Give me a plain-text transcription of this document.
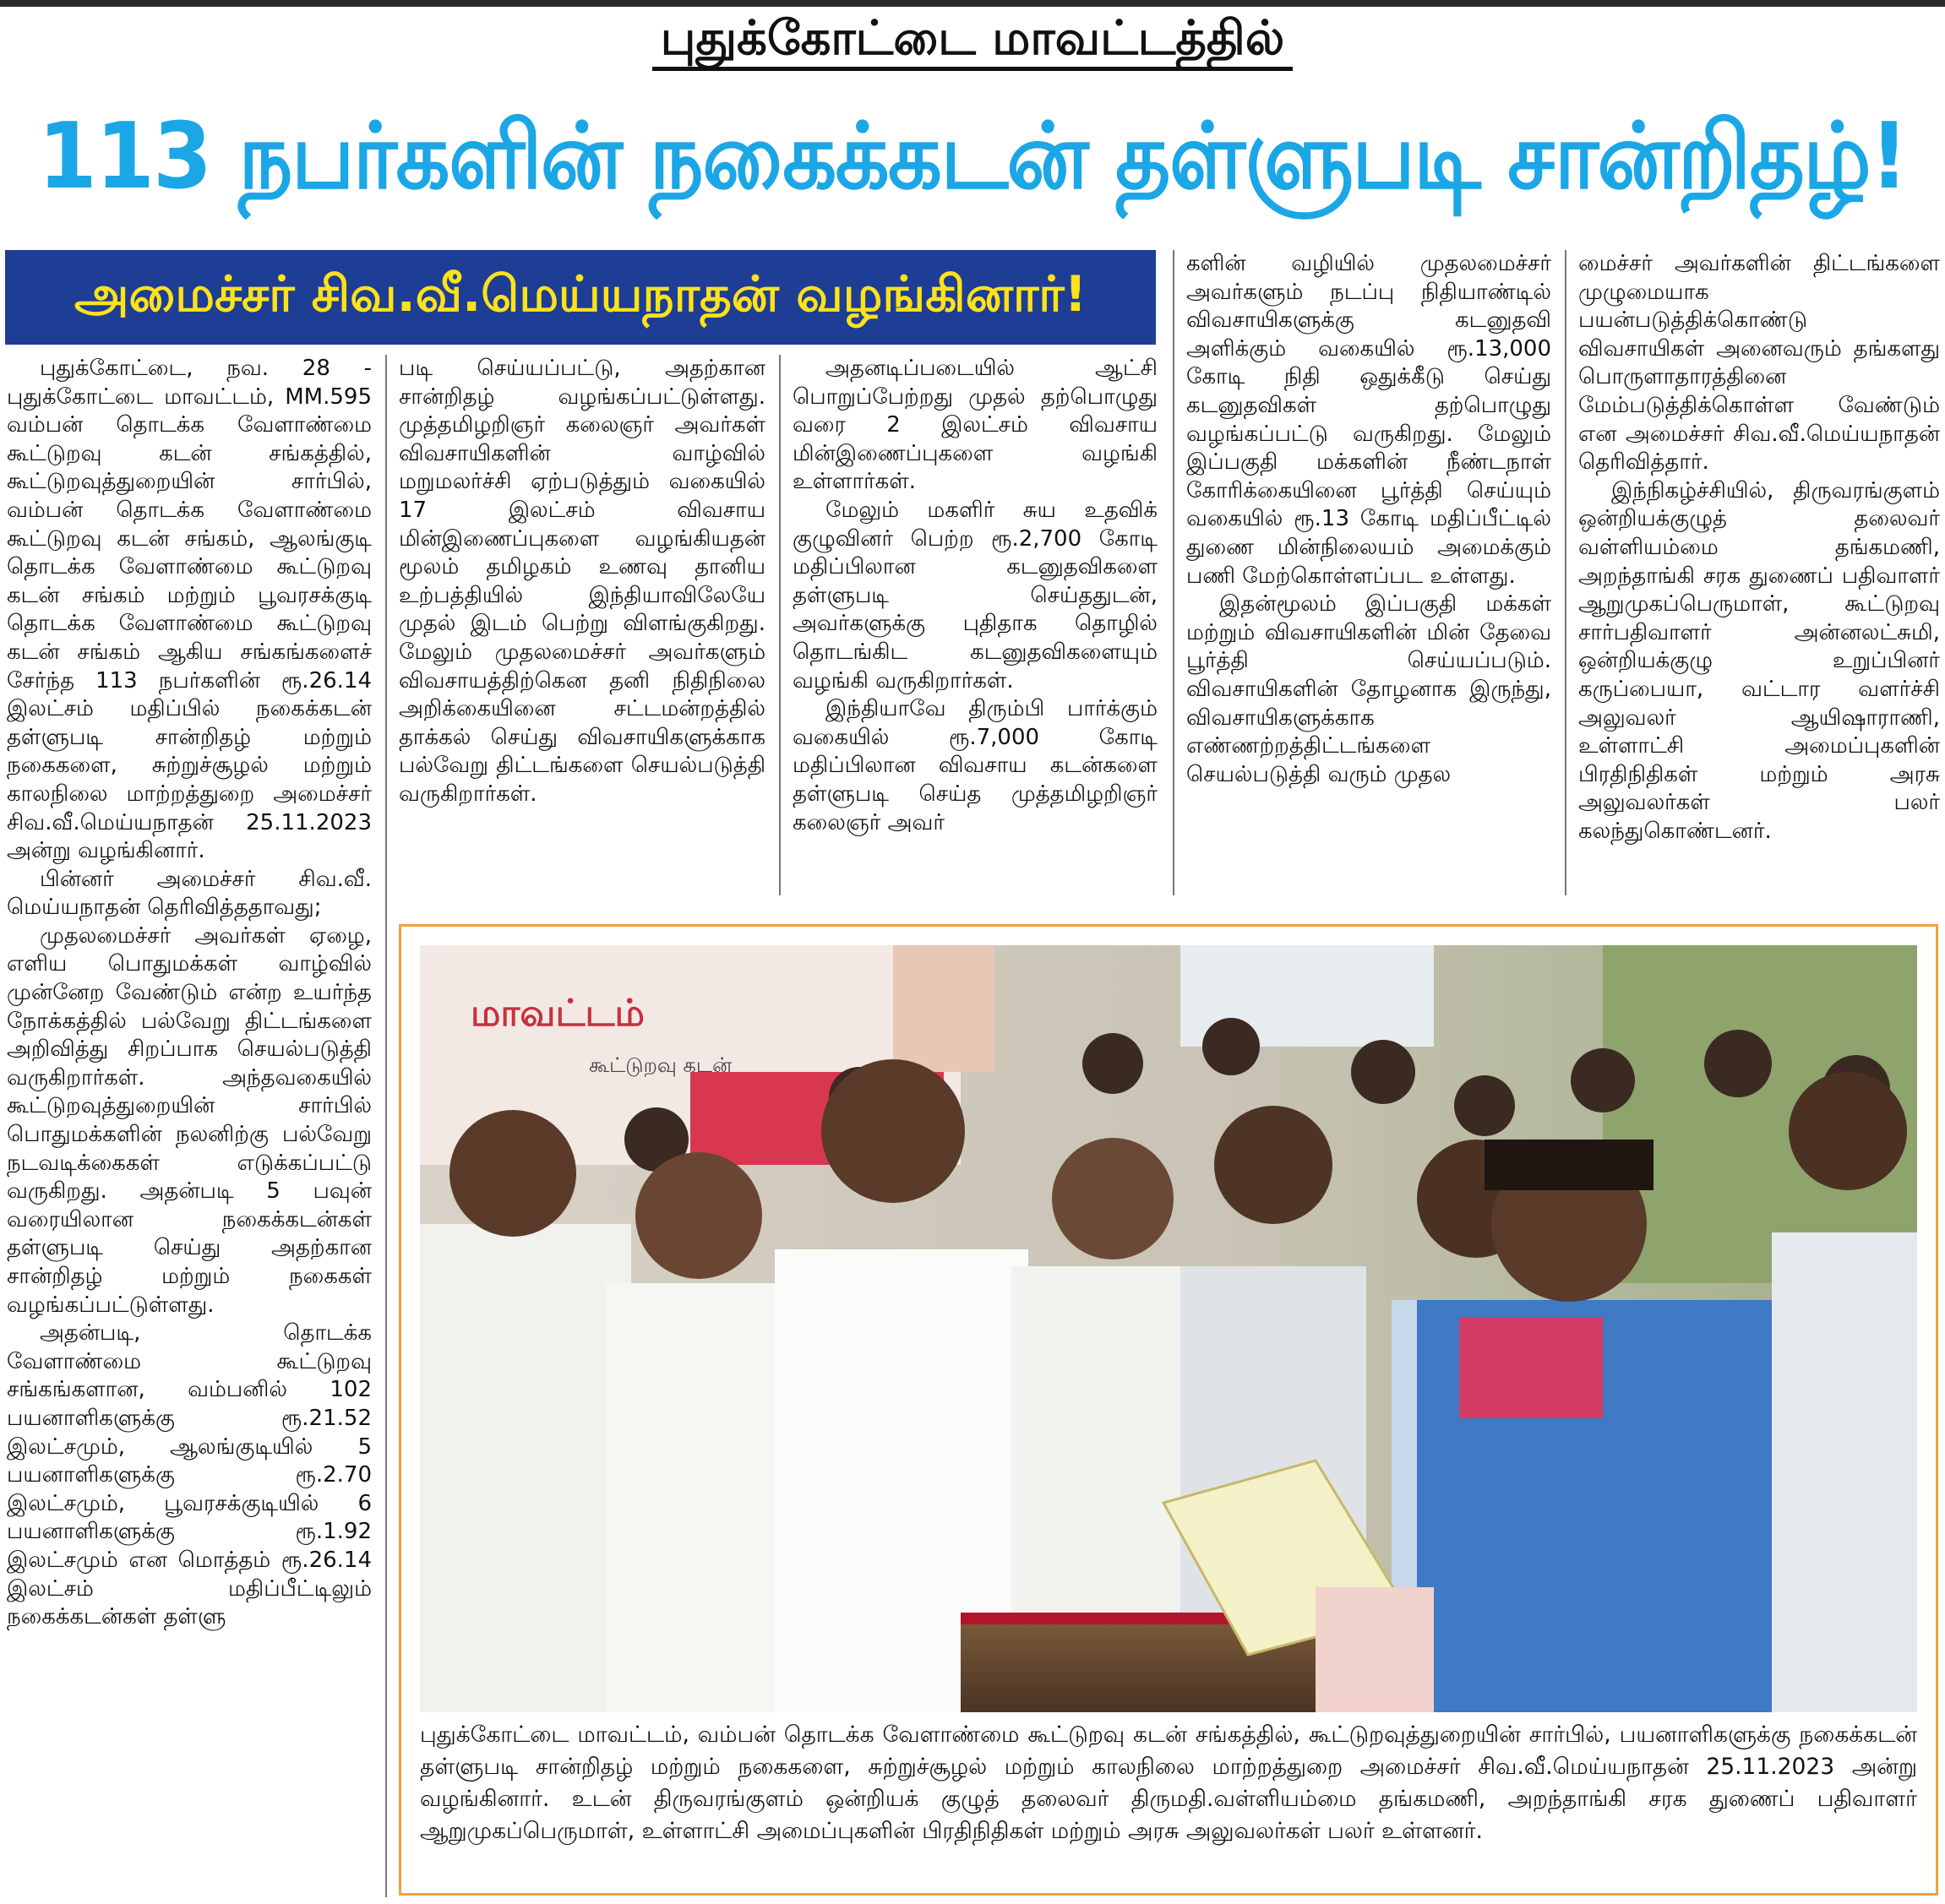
புதுக்கோட்டை மாவட்டத்தில்
113 நபர்களின் நகைக்கடன் தள்ளுபடி சான்றிதழ்!
அமைச்சர் சிவ.வீ.மெய்யநாதன் வழங்கினார்!

புதுக்கோட்டை, நவ. 28 - புதுக்கோட்டை மாவட்டம், MM.595 வம்பன் தொடக்க வேளாண்மை கூட்டுறவு கடன் சங்கத்தில், கூட்டுறவுத்துறையின் சார்பில், வம்பன் தொடக்க வேளாண்மை கூட்டுறவு கடன் சங்கம், ஆலங்குடி தொடக்க வேளாண்மை கூட்டுறவு கடன் சங்கம் மற்றும் பூவரசக்குடி தொடக்க வேளாண்மை கூட்டுறவு கடன் சங்கம் ஆகிய சங்கங்களைச் சேர்ந்த 113 நபர்களின் ரூ.26.14 இலட்சம் மதிப்பில் நகைக்கடன் தள்ளுபடி சான்றிதழ் மற்றும் நகைகளை, சுற்றுச்சூழல் மற்றும் காலநிலை மாற்றத்துறை அமைச்சர் சிவ.வீ.மெய்யநாதன் 25.11.2023 அன்று வழங்கினார்.

பின்னர் அமைச்சர் சிவ.வீ. மெய்யநாதன் தெரிவித்ததாவது;

முதலமைச்சர் அவர்கள் ஏழை, எளிய பொதுமக்கள் வாழ்வில் முன்னேற வேண்டும் என்ற உயர்ந்த நோக்கத்தில் பல்வேறு திட்டங்களை அறிவித்து சிறப்பாக செயல்படுத்தி வருகிறார்கள். அந்தவகையில் கூட்டுறவுத்துறையின் சார்பில் பொதுமக்களின் நலனிற்கு பல்வேறு நடவடிக்கைகள் எடுக்கப்பட்டு வருகிறது. அதன்படி 5 பவுன் வரையிலான நகைக்கடன்கள் தள்ளுபடி செய்து அதற்கான சான்றிதழ் மற்றும் நகைகள் வழங்கப்பட்டுள்ளது.

அதன்படி, தொடக்க வேளாண்மை கூட்டுறவு சங்கங்களான, வம்பனில் 102 பயனாளிகளுக்கு ரூ.21.52 இலட்சமும், ஆலங்குடியில் 5 பயனாளிகளுக்கு ரூ.2.70 இலட்சமும், பூவரசக்குடியில் 6 பயனாளிகளுக்கு ரூ.1.92 இலட்சமும் என மொத்தம் ரூ.26.14 இலட்சம் மதிப்பீட்டிலும் நகைக்கடன்கள் தள்ளு

படி செய்யப்பட்டு, அதற்கான சான்றிதழ் வழங்கப்பட்டுள்ளது. முத்தமிழறிஞர் கலைஞர் அவர்கள் விவசாயிகளின் வாழ்வில் மறுமலர்ச்சி ஏற்படுத்தும் வகையில் 17 இலட்சம் விவசாய மின்இணைப்புகளை வழங்கியதன் மூலம் தமிழகம் உணவு தானிய உற்பத்தியில் இந்தியாவிலேயே முதல் இடம் பெற்று விளங்குகிறது. மேலும் முதலமைச்சர் அவர்களும் விவசாயத்திற்கென தனி நிதிநிலை அறிக்கையினை சட்டமன்றத்தில் தாக்கல் செய்து விவசாயிகளுக்காக பல்வேறு திட்டங்களை செயல்படுத்தி வருகிறார்கள்.

அதனடிப்படையில் ஆட்சி பொறுப்பேற்றது முதல் தற்பொழுது வரை 2 இலட்சம் விவசாய மின்இணைப்புகளை வழங்கி உள்ளார்கள்.

மேலும் மகளிர் சுய உதவிக் குழுவினர் பெற்ற ரூ.2,700 கோடி மதிப்பிலான கடனுதவிகளை தள்ளுபடி செய்ததுடன், அவர்களுக்கு புதிதாக தொழில் தொடங்கிட கடனுதவிகளையும் வழங்கி வருகிறார்கள்.

இந்தியாவே திரும்பி பார்க்கும் வகையில் ரூ.7,000 கோடி மதிப்பிலான விவசாய கடன்களை தள்ளுபடி செய்த முத்தமிழறிஞர் கலைஞர் அவர்

களின் வழியில் முதலமைச்சர் அவர்களும் நடப்பு நிதியாண்டில் விவசாயிகளுக்கு கடனுதவி அளிக்கும் வகையில் ரூ.13,000 கோடி நிதி ஒதுக்கீடு செய்து கடனுதவிகள் தற்பொழுது வழங்கப்பட்டு வருகிறது. மேலும் இப்பகுதி மக்களின் நீண்டநாள் கோரிக்கையினை பூர்த்தி செய்யும் வகையில் ரூ.13 கோடி மதிப்பீட்டில் துணை மின்நிலையம் அமைக்கும் பணி மேற்கொள்ளப்பட உள்ளது.

இதன்மூலம் இப்பகுதி மக்கள் மற்றும் விவசாயிகளின் மின் தேவை பூர்த்தி செய்யப்படும். விவசாயிகளின் தோழனாக இருந்து, விவசாயிகளுக்காக எண்ணற்றத்திட்டங்களை செயல்படுத்தி வரும் முதல

மைச்சர் அவர்களின் திட்டங்களை முழுமையாக பயன்படுத்திக்கொண்டு விவசாயிகள் அனைவரும் தங்களது பொருளாதாரத்தினை மேம்படுத்திக்கொள்ள வேண்டும் என அமைச்சர் சிவ.வீ.மெய்யநாதன் தெரிவித்தார்.

இந்நிகழ்ச்சியில், திருவரங்குளம் ஒன்றியக்குழுத் தலைவர் வள்ளியம்மை தங்கமணி, அறந்தாங்கி சரக துணைப் பதிவாளர் ஆறுமுகப்பெருமாள், கூட்டுறவு சார்பதிவாளர் அன்னலட்சுமி, ஒன்றியக்குழு உறுப்பினர் கருப்பையா, வட்டார வளர்ச்சி அலுவலர் ஆயிஷாராணி, உள்ளாட்சி அமைப்புகளின் பிரதிநிதிகள் மற்றும் அரசு அலுவலர்கள் பலர் கலந்துகொண்டனர்.

மாவட்டம்
கூட்டுறவு கடன்
புதுக்கோட்டை மாவட்டம், வம்பன் தொடக்க வேளாண்மை கூட்டுறவு கடன் சங்கத்தில், கூட்டுறவுத்துறையின் சார்பில், பயனாளிகளுக்கு நகைக்கடன் தள்ளுபடி சான்றிதழ் மற்றும் நகைகளை, சுற்றுச்சூழல் மற்றும் காலநிலை மாற்றத்துறை அமைச்சர் சிவ.வீ.மெய்யநாதன் 25.11.2023 அன்று வழங்கினார். உடன் திருவரங்குளம் ஒன்றியக் குழுத் தலைவர் திருமதி.வள்ளியம்மை தங்கமணி, அறந்தாங்கி சரக துணைப் பதிவாளர் ஆறுமுகப்பெருமாள், உள்ளாட்சி அமைப்புகளின் பிரதிநிதிகள் மற்றும் அரசு அலுவலர்கள் பலர் உள்ளனர்.
